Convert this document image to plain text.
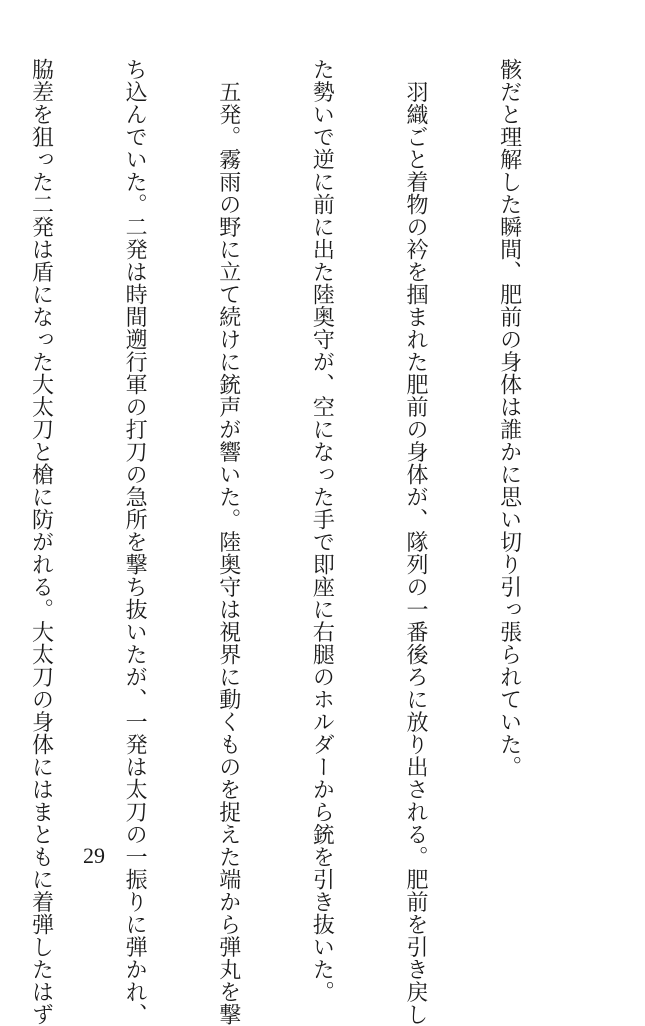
骸だと理解した瞬間、肥前の身体は誰かに思い切り引っ張られていた。

　羽織ごと着物の衿を掴まれた肥前の身体が、隊列の一番後ろに放り出される。肥前を引き戻し

た勢いで逆に前に出た陸奥守が、空になった手で即座に右腿のホルダーから銃を引き抜いた。

　五発。霧雨の野に立て続けに銃声が響いた。陸奥守は視界に動くものを捉えた端から弾丸を撃

ち込んでいた。二発は時間遡行軍の打刀の急所を撃ち抜いたが、一発は太刀の一振りに弾かれ、

脇差を狙った二発は盾になった大太刀と槍に防がれる。大太刀の身体にはまともに着弾したはず

29
